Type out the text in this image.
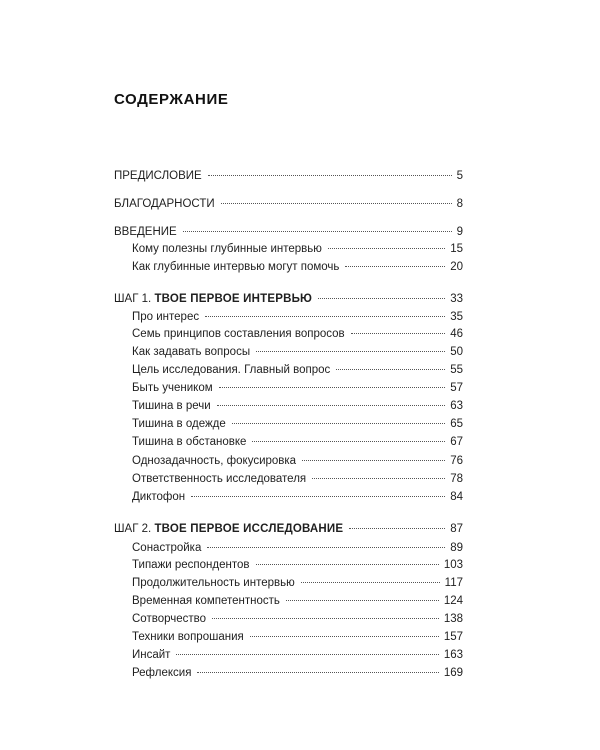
СОДЕРЖАНИЕ
ПРЕДИСЛОВИЕ	5
БЛАГОДАРНОСТИ	8
ВВЕДЕНИЕ	9
Кому полезны глубинные интервью	15
Как глубинные интервью могут помочь	20
ШАГ 1. ТВОЕ ПЕРВОЕ ИНТЕРВЬЮ	33
Про интерес	35
Семь принципов составления вопросов	46
Как задавать вопросы	50
Цель исследования. Главный вопрос	55
Быть учеником	57
Тишина в речи	63
Тишина в одежде	65
Тишина в обстановке	67
Однозадачность, фокусировка	76
Ответственность исследователя	78
Диктофон	84
ШАГ 2. ТВОЕ ПЕРВОЕ ИССЛЕДОВАНИЕ	87
Сонастройка	89
Типажи респондентов	103
Продолжительность интервью	117
Временная компетентность	124
Сотворчество	138
Техники вопрошания	157
Инсайт	163
Рефлексия	169
